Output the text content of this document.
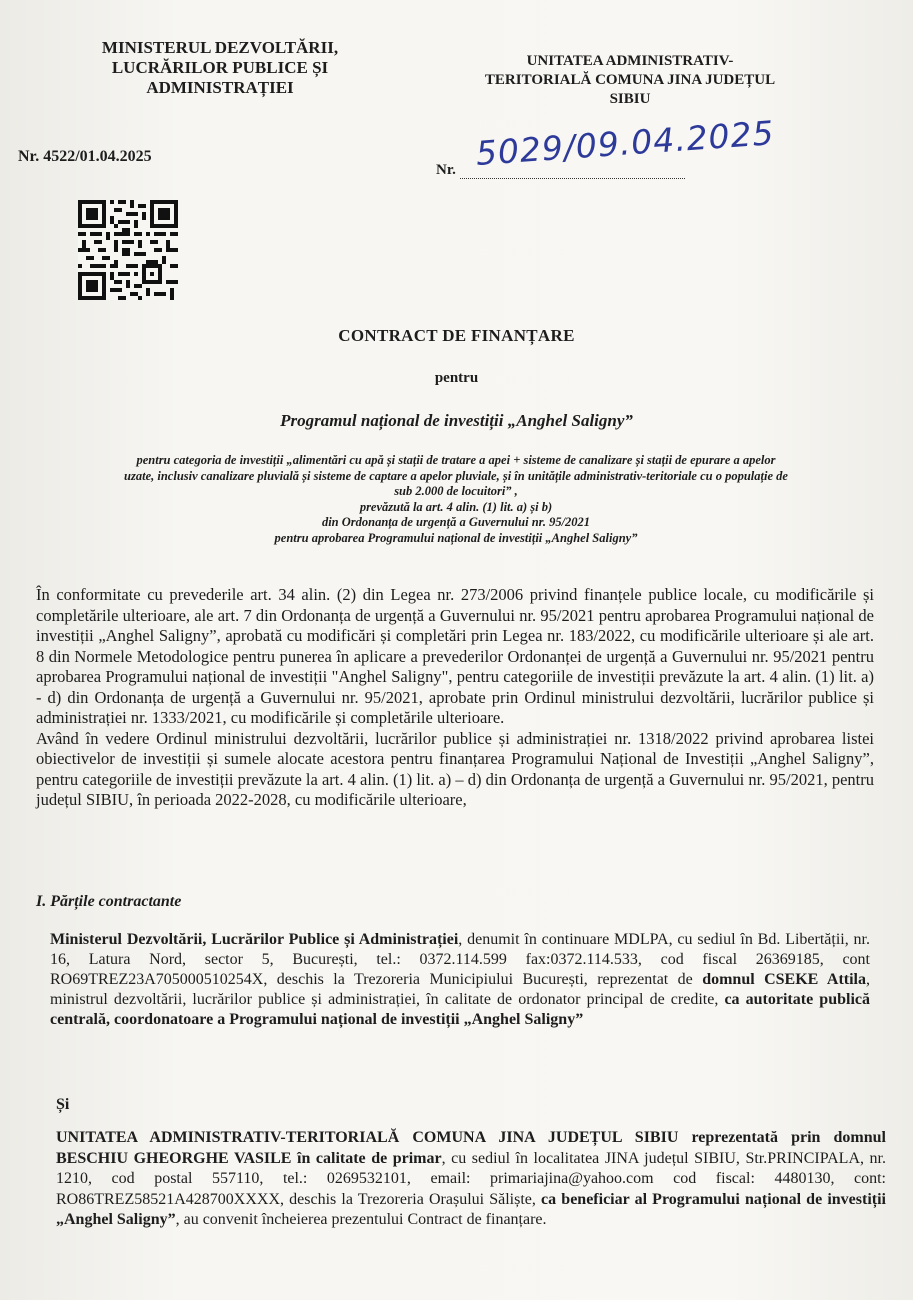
MINISTERUL DEZVOLTĂRII,
LUCRĂRILOR PUBLICE ȘI
ADMINISTRAȚIEI
UNITATEA ADMINISTRATIV-
TERITORIALĂ COMUNA JINA JUDEȚUL
SIBIU
Nr. 4522/01.04.2025
Nr. 5029/09.04.2025
CONTRACT DE FINANȚARE
pentru
Programul național de investiții „Anghel Saligny”
pentru categoria de investiții „alimentări cu apă și stații de tratare a apei + sisteme de canalizare și stații de epurare a apelor
uzate, inclusiv canalizare pluvială și sisteme de captare a apelor pluviale, și în unitățile administrativ-teritoriale cu o populație de
sub 2.000 de locuitori” ,
prevăzută la art. 4 alin. (1) lit. a) și b)
din Ordonanța de urgență a Guvernului nr. 95/2021
pentru aprobarea Programului național de investiții „Anghel Saligny”

În conformitate cu prevederile art. 34 alin. (2) din Legea nr. 273/2006 privind finanțele publice locale, cu modificările și completările ulterioare, ale art. 7 din Ordonanța de urgență a Guvernului nr. 95/2021 pentru aprobarea Programului național de investiții „Anghel Saligny”, aprobată cu modificări și completări prin Legea nr. 183/2022, cu modificările ulterioare și ale art. 8 din Normele Metodologice pentru punerea în aplicare a prevederilor Ordonanței de urgență a Guvernului nr. 95/2021 pentru aprobarea Programului național de investiții "Anghel Saligny", pentru categoriile de investiții prevăzute la art. 4 alin. (1) lit. a) - d) din Ordonanța de urgență a Guvernului nr. 95/2021, aprobate prin Ordinul ministrului dezvoltării, lucrărilor publice și administrației nr. 1333/2021, cu modificările și completările ulterioare.

Având în vedere Ordinul ministrului dezvoltării, lucrărilor publice și administrației nr. 1318/2022 privind aprobarea listei obiectivelor de investiții și sumele alocate acestora pentru finanțarea Programului Național de Investiții „Anghel Saligny”, pentru categoriile de investiții prevăzute la art. 4 alin. (1) lit. a) – d) din Ordonanța de urgență a Guvernului nr. 95/2021, pentru județul SIBIU, în perioada 2022-2028, cu modificările ulterioare,

I. Părțile contractante
Ministerul Dezvoltării, Lucrărilor Publice și Administrației, denumit în continuare MDLPA, cu sediul în Bd. Libertății, nr. 16, Latura Nord, sector 5, București, tel.: 0372.114.599 fax:0372.114.533, cod fiscal 26369185, cont RO69TREZ23A705000510254X, deschis la Trezoreria Municipiului București, reprezentat de domnul CSEKE Attila, ministrul dezvoltării, lucrărilor publice și administrației, în calitate de ordonator principal de credite, ca autoritate publică centrală, coordonatoare a Programului național de investiții „Anghel Saligny”
Și
UNITATEA ADMINISTRATIV-TERITORIALĂ COMUNA JINA JUDEȚUL SIBIU reprezentată prin domnul BESCHIU GHEORGHE VASILE în calitate de primar, cu sediul în localitatea JINA județul SIBIU, Str.PRINCIPALA, nr. 1210, cod postal 557110, tel.: 0269532101, email: primariajina@yahoo.com cod fiscal: 4480130, cont: RO86TREZ58521A428700XXXX, deschis la Trezoreria Orașului Săliște, ca beneficiar al Programului național de investiții „Anghel Saligny”, au convenit încheierea prezentului Contract de finanțare.
